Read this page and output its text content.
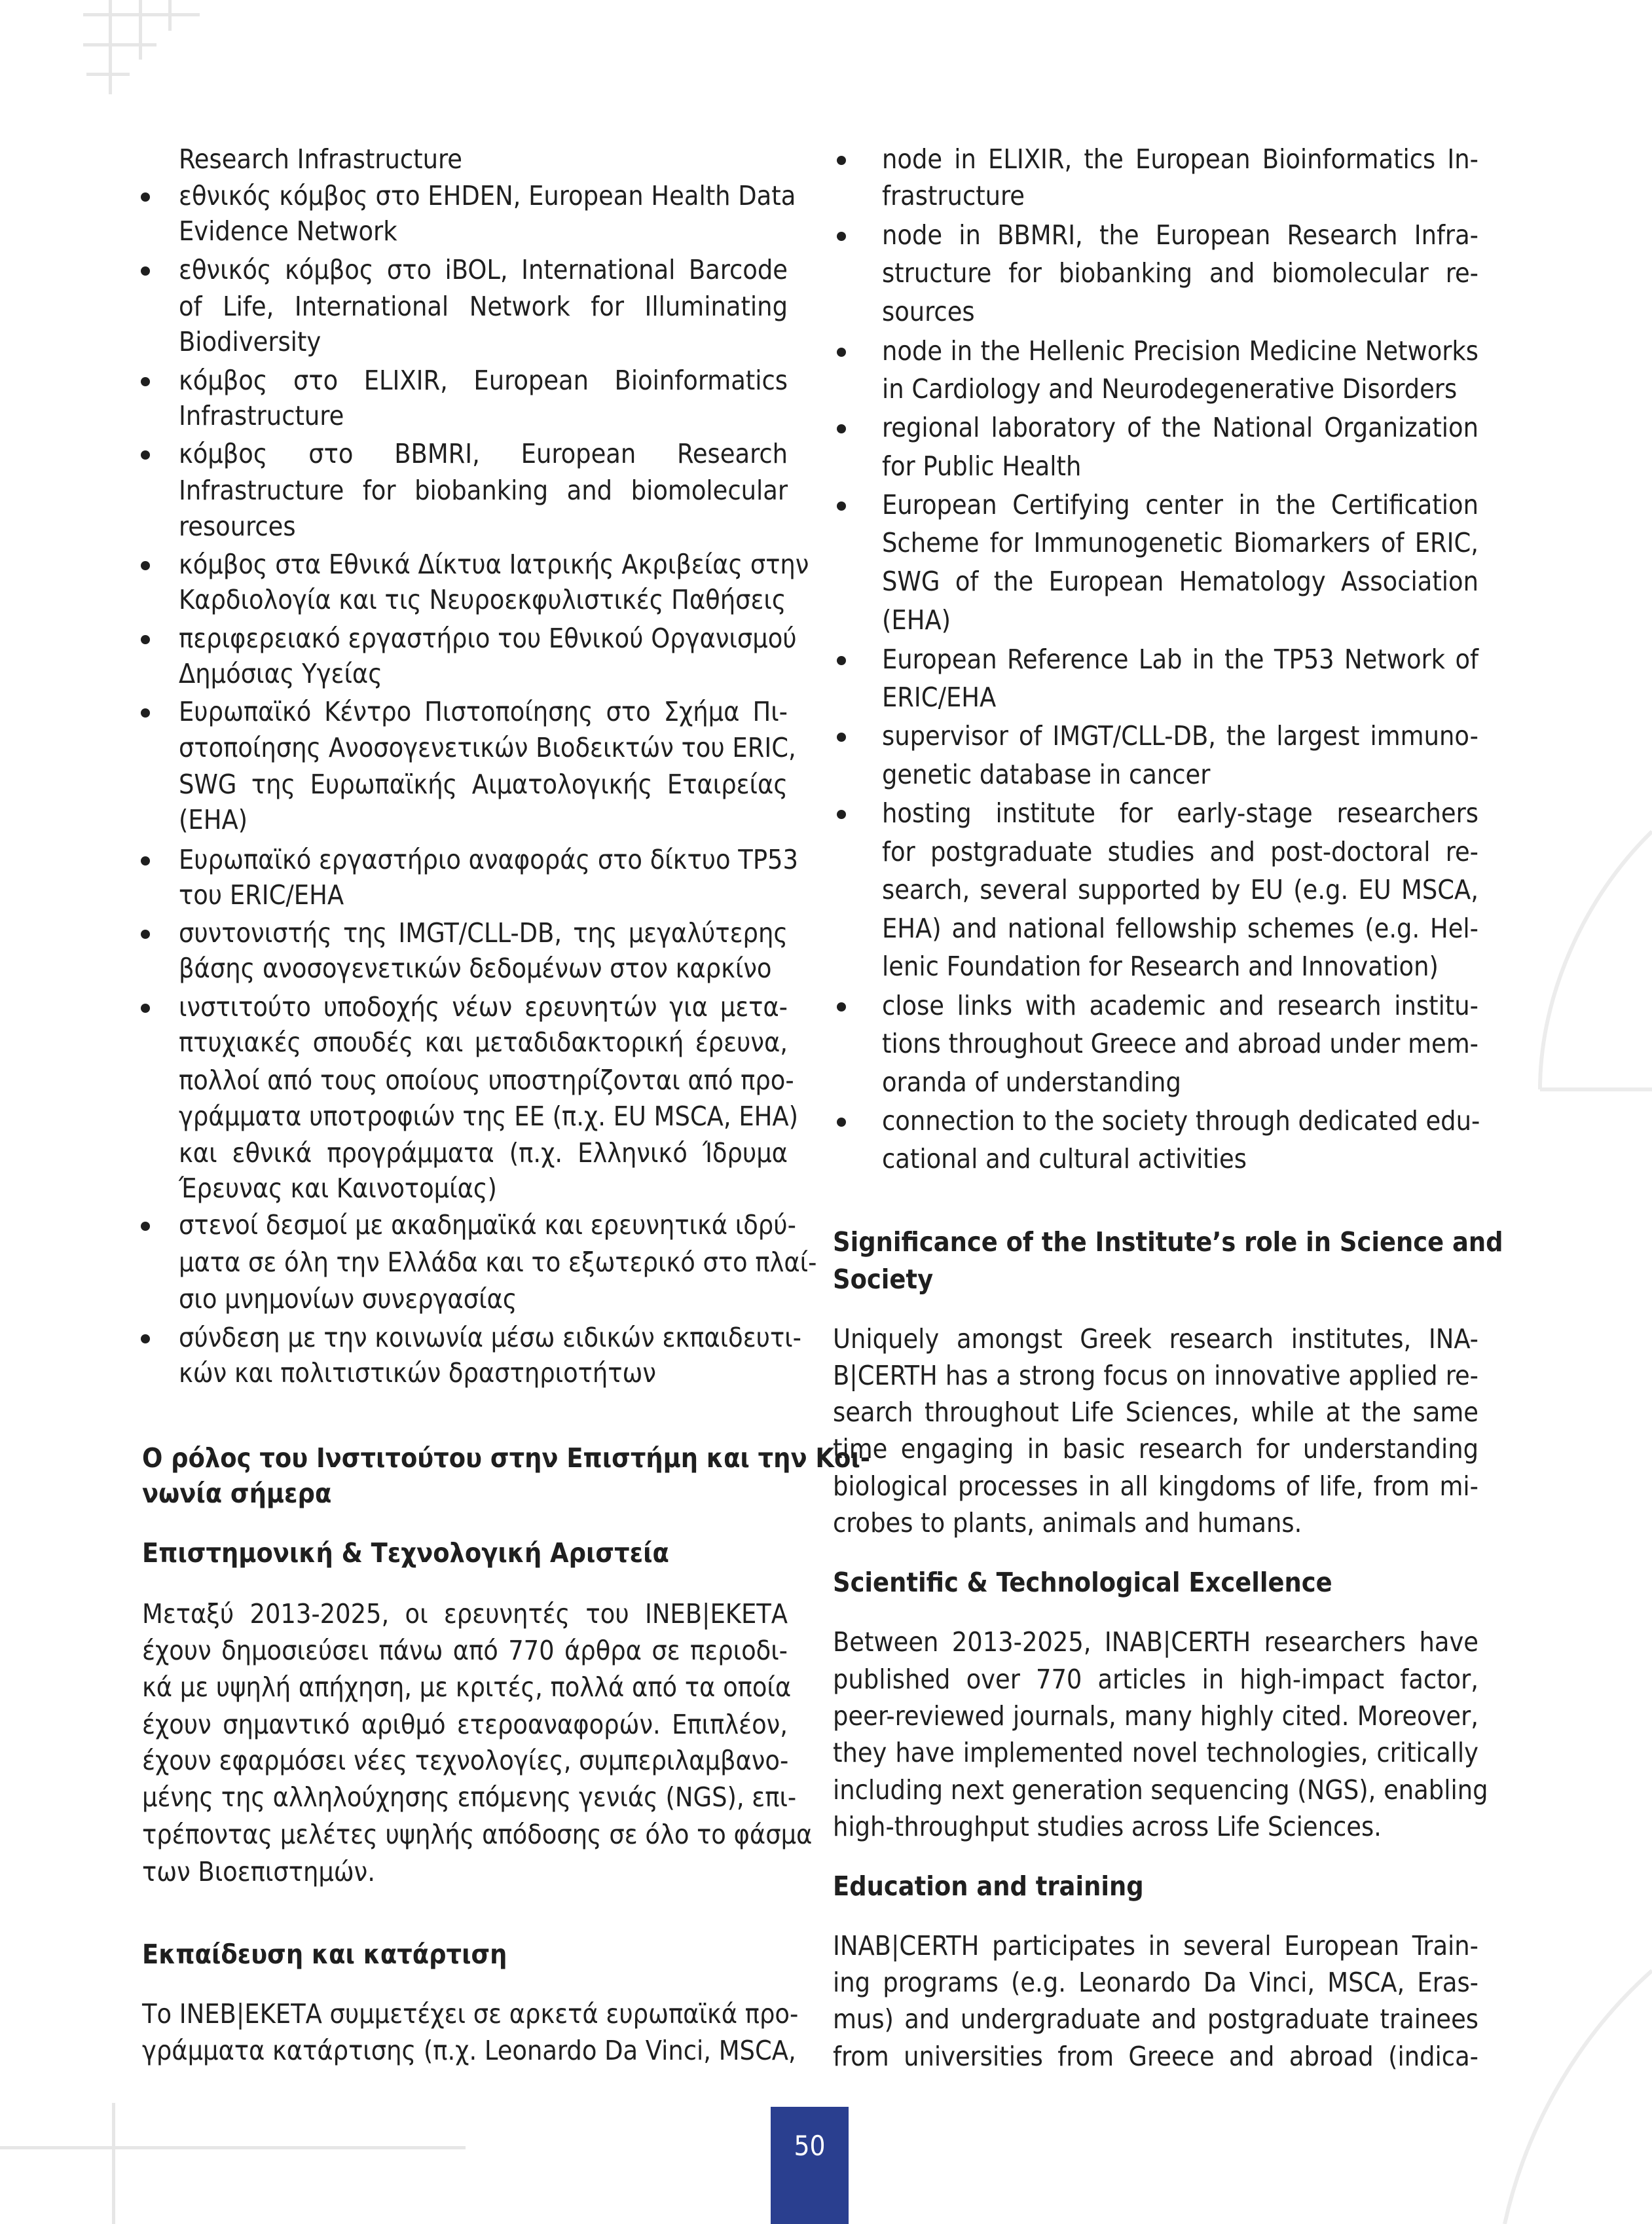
Research Infrastructure
εθνικός κόμβος στο EHDEN, European Health Data
Evidence Network
εθνικός κόμβος στο iBOL, International Barcode
of Life, International Network for Illuminating
Biodiversity
κόμβος στο ELIXIR, European Bioinformatics
Infrastructure
κόμβος στο BBMRI, European Research
Infrastructure for biobanking and biomolecular
resources
κόμβος στα Εθνικά Δίκτυα Ιατρικής Ακριβείας στην
Καρδιολογία και τις Νευροεκφυλιστικές Παθήσεις
περιφερειακό εργαστήριο του Εθνικού Οργανισμού
Δημόσιας Υγείας
Ευρωπαϊκό Κέντρο Πιστοποίησης στο Σχήμα Πι-
στοποίησης Ανοσογενετικών Βιοδεικτών του ERIC,
SWG της Ευρωπαϊκής Αιματολογικής Εταιρείας
(EHA)
Ευρωπαϊκό εργαστήριο αναφοράς στο δίκτυο TP53
του ERIC/EHA
συντονιστής της IMGT/CLL-DB, της μεγαλύτερης
βάσης ανοσογενετικών δεδομένων στον καρκίνο
ινστιτούτο υποδοχής νέων ερευνητών για μετα-
πτυχιακές σπουδές και μεταδιδακτορική έρευνα,
πολλοί από τους οποίους υποστηρίζονται από προ-
γράμματα υποτροφιών της ΕΕ (π.χ. EU MSCA, EHA)
και εθνικά προγράμματα (π.χ. Ελληνικό Ίδρυμα
Έρευνας και Καινοτομίας)
στενοί δεσμοί με ακαδημαϊκά και ερευνητικά ιδρύ-
ματα σε όλη την Ελλάδα και το εξωτερικό στο πλαί-
σιο μνημονίων συνεργασίας
σύνδεση με την κοινωνία μέσω ειδικών εκπαιδευτι-
κών και πολιτιστικών δραστηριοτήτων
Ο ρόλος του Ινστιτούτου στην Επιστήμη και την Κοι-
νωνία σήμερα
Επιστημονική & Τεχνολογική Αριστεία
Μεταξύ 2013-2025, οι ερευνητές του ΙΝΕΒ|ΕΚΕΤΑ
έχουν δημοσιεύσει πάνω από 770 άρθρα σε περιοδι-
κά με υψηλή απήχηση, με κριτές, πολλά από τα οποία
έχουν σημαντικό αριθμό ετεροαναφορών. Επιπλέον,
έχουν εφαρμόσει νέες τεχνολογίες, συμπεριλαμβανο-
μένης της αλληλούχησης επόμενης γενιάς (NGS), επι-
τρέποντας μελέτες υψηλής απόδοσης σε όλο το φάσμα
των Βιοεπιστημών.
Εκπαίδευση και κατάρτιση
Το ΙΝΕΒ|ΕΚΕΤΑ συμμετέχει σε αρκετά ευρωπαϊκά προ-
γράμματα κατάρτισης (π.χ. Leonardo Da Vinci, MSCA,
node in ELIXIR, the European Bioinformatics In-
frastructure
node in BBMRI, the European Research Infra-
structure for biobanking and biomolecular re-
sources
node in the Hellenic Precision Medicine Networks
in Cardiology and Neurodegenerative Disorders
regional laboratory of the National Organization
for Public Health
European Certifying center in the Certification
Scheme for Immunogenetic Biomarkers of ERIC,
SWG of the European Hematology Association
(EHA)
European Reference Lab in the TP53 Network of
ERIC/EHA
supervisor of IMGT/CLL-DB, the largest immuno-
genetic database in cancer
hosting institute for early-stage researchers
for postgraduate studies and post-doctoral re-
search, several supported by EU (e.g. EU MSCA,
EHA) and national fellowship schemes (e.g. Hel-
lenic Foundation for Research and Innovation)
close links with academic and research institu-
tions throughout Greece and abroad under mem-
oranda of understanding
connection to the society through dedicated edu-
cational and cultural activities
Significance of the Institute’s role in Science and
Society
Uniquely amongst Greek research institutes, INA-
B|CERTH has a strong focus on innovative applied re-
search throughout Life Sciences, while at the same
time engaging in basic research for understanding
biological processes in all kingdoms of life, from mi-
crobes to plants, animals and humans.
Scientific & Technological Excellence
Between 2013-2025, INAB|CERTH researchers have
published over 770 articles in high-impact factor,
peer-reviewed journals, many highly cited. Moreover,
they have implemented novel technologies, critically
including next generation sequencing (NGS), enabling
high-throughput studies across Life Sciences.
Education and training
INAB|CERTH participates in several European Train-
ing programs (e.g. Leonardo Da Vinci, MSCA, Eras-
mus) and undergraduate and postgraduate trainees
from universities from Greece and abroad (indica-
50
